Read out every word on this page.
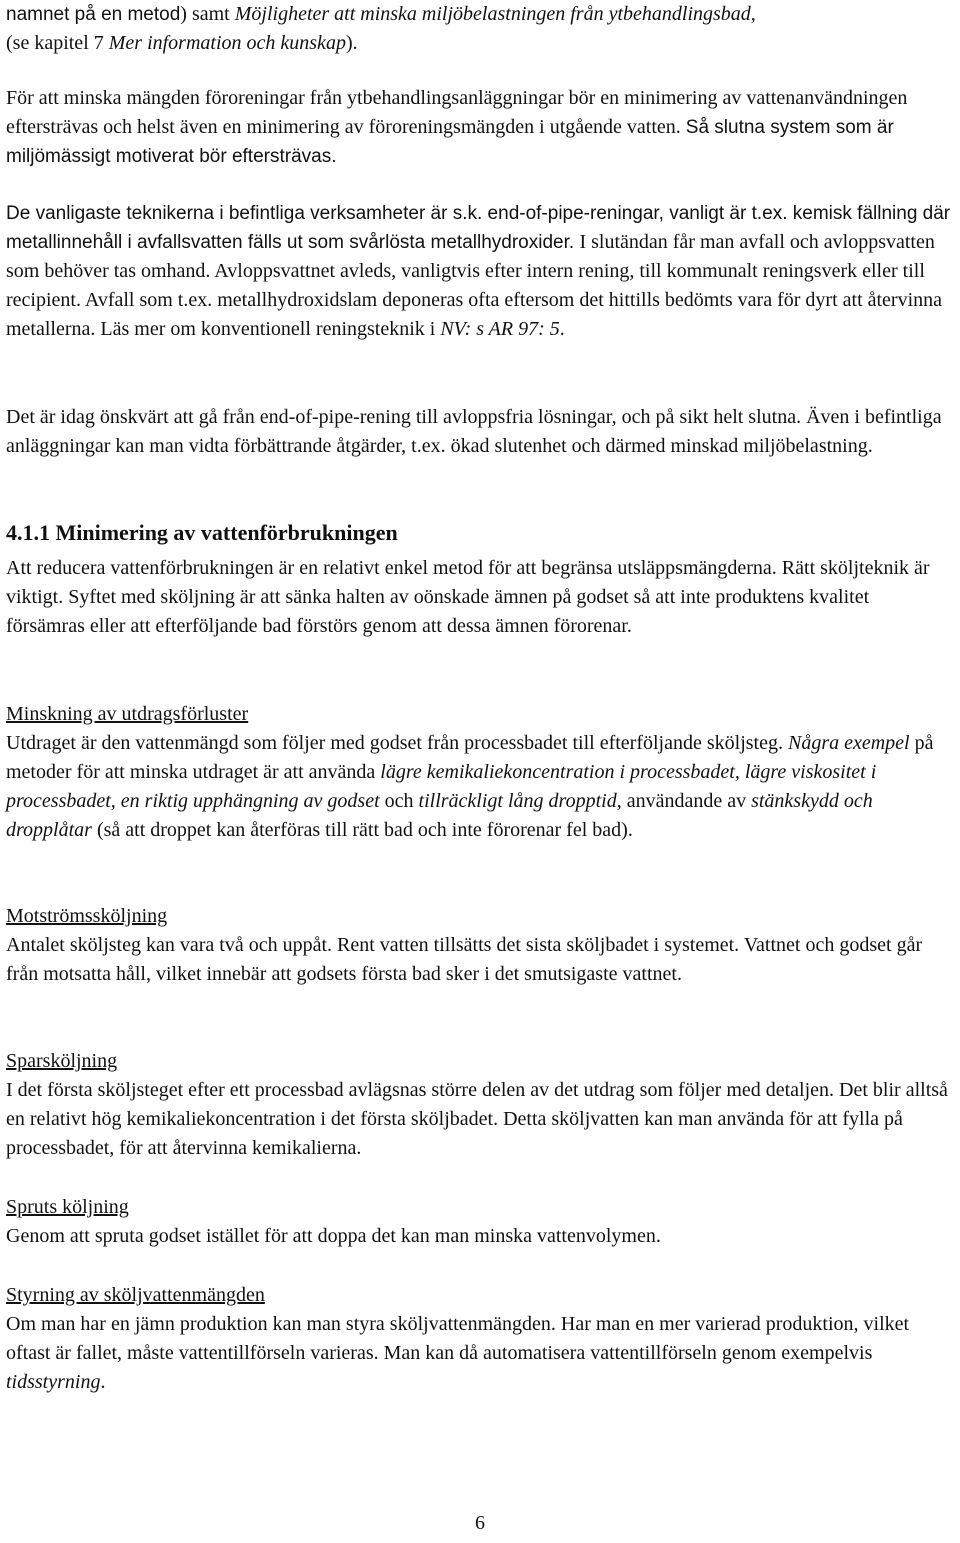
namnet på en metod) samt Möjligheter att minska miljöbelastningen från ytbehandlingsbad,
(se kapitel 7 Mer information och kunskap).

För att minska mängden föroreningar från ytbehandlingsanläggningar bör en minimering av vattenanvändningen eftersträvas och helst även en minimering av föroreningsmängden i utgående vatten. Så slutna system som är miljömässigt motiverat bör eftersträvas.

De vanligaste teknikerna i befintliga verksamheter är s.k. end-of-pipe-reningar, vanligt är t.ex. kemisk fällning där metallinnehåll i avfallsvatten fälls ut som svårlösta metallhydroxider. I slutändan får man avfall och avloppsvatten som behöver tas omhand. Avloppsvattnet avleds, vanligtvis efter intern rening, till kommunalt reningsverk eller till recipient. Avfall som t.ex. metallhydroxidslam deponeras ofta eftersom det hittills bedömts vara för dyrt att återvinna metallerna. Läs mer om konventionell reningsteknik i NV: s AR 97: 5.

Det är idag önskvärt att gå från end-of-pipe-rening till avloppsfria lösningar, och på sikt helt slutna. Även i befintliga anläggningar kan man vidta förbättrande åtgärder, t.ex. ökad slutenhet och därmed minskad miljöbelastning.

4.1.1 Minimering av vattenförbrukningen

Att reducera vattenförbrukningen är en relativt enkel metod för att begränsa utsläppsmängderna. Rätt sköljteknik är viktigt. Syftet med sköljning är att sänka halten av oönskade ämnen på godset så att inte produktens kvalitet försämras eller att efterföljande bad förstörs genom att dessa ämnen förorenar.

Minskning av utdragsförluster

Utdraget är den vattenmängd som följer med godset från processbadet till efterföljande sköljsteg. Några exempel på metoder för att minska utdraget är att använda lägre kemikaliekoncentration i processbadet, lägre viskositet i processbadet, en riktig upphängning av godset och tillräckligt lång dropptid, användande av stänkskydd och dropplåtar (så att droppet kan återföras till rätt bad och inte förorenar fel bad).

Motströmssköljning

Antalet sköljsteg kan vara två och uppåt. Rent vatten tillsätts det sista sköljbadet i systemet. Vattnet och godset går från motsatta håll, vilket innebär att godsets första bad sker i det smutsigaste vattnet.

Sparsköljning

I det första sköljsteget efter ett processbad avlägsnas större delen av det utdrag som följer med detaljen. Det blir alltså en relativt hög kemikaliekoncentration i det första sköljbadet. Detta sköljvatten kan man använda för att fylla på processbadet, för att återvinna kemikalierna.

Spruts köljning

Genom att spruta godset istället för att doppa det kan man minska vattenvolymen.

Styrning av sköljvattenmängden

Om man har en jämn produktion kan man styra sköljvattenmängden. Har man en mer varierad produktion, vilket oftast är fallet, måste vattentillförseln varieras. Man kan då automatisera vattentillförseln genom exempelvis tidsstyrning.

6
